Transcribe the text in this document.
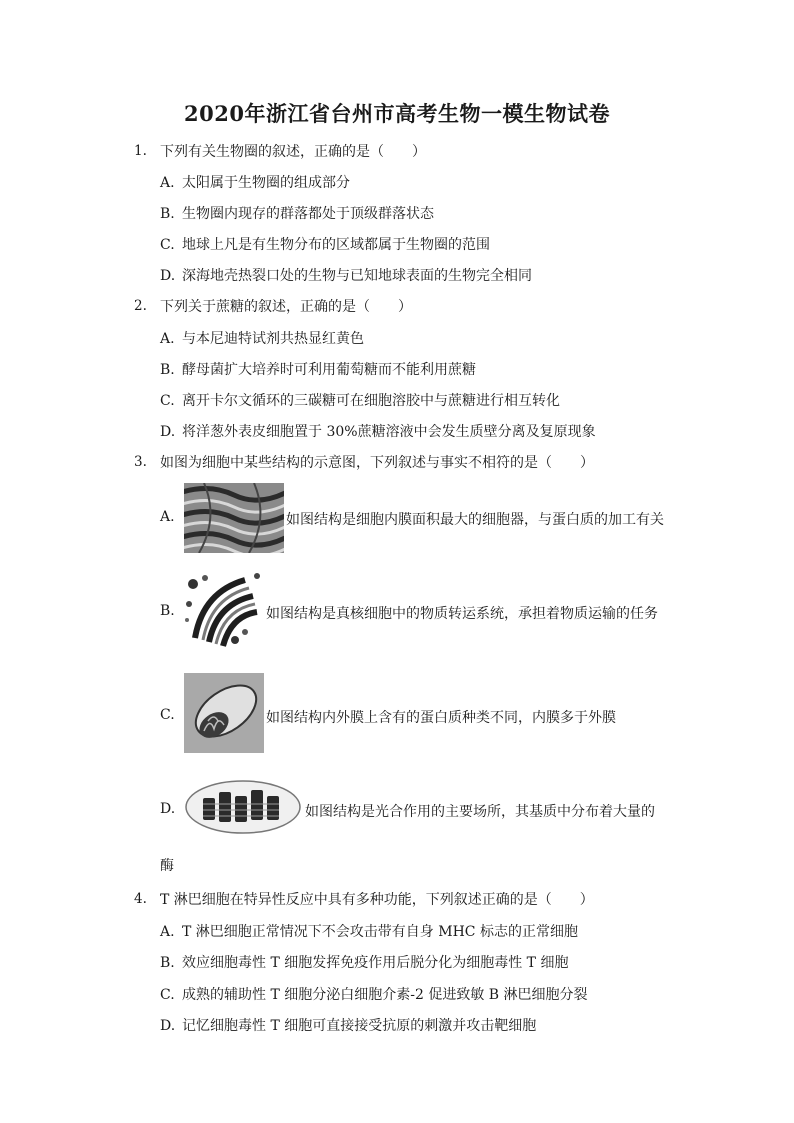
2020年浙江省台州市高考生物一模生物试卷
1. 下列有关生物圈的叙述，正确的是（　　）
A. 太阳属于生物圈的组成部分
B. 生物圈内现存的群落都处于顶级群落状态
C. 地球上凡是有生物分布的区域都属于生物圈的范围
D. 深海地壳热裂口处的生物与已知地球表面的生物完全相同
2. 下列关于蔗糖的叙述，正确的是（　　）
A. 与本尼迪特试剂共热显红黄色
B. 酵母菌扩大培养时可利用葡萄糖而不能利用蔗糖
C. 离开卡尔文循环的三碳糖可在细胞溶胶中与蔗糖进行相互转化
D. 将洋葱外表皮细胞置于 30%蔗糖溶液中会发生质壁分离及复原现象
3. 如图为细胞中某些结构的示意图，下列叙述与事实不相符的是（　　）
A.	如图结构是细胞内膜面积最大的细胞器，与蛋白质的加工有关
B.	如图结构是真核细胞中的物质转运系统，承担着物质运输的任务
C.	如图结构内外膜上含有的蛋白质种类不同，内膜多于外膜
D.	如图结构是光合作用的主要场所，其基质中分布着大量的
酶
4. T 淋巴细胞在特异性反应中具有多种功能，下列叙述正确的是（　　）
A. T 淋巴细胞正常情况下不会攻击带有自身 MHC 标志的正常细胞
B. 效应细胞毒性 T 细胞发挥免疫作用后脱分化为细胞毒性 T 细胞
C. 成熟的辅助性 T 细胞分泌白细胞介素-2 促进致敏 B 淋巴细胞分裂
D. 记忆细胞毒性 T 细胞可直接接受抗原的刺激并攻击靶细胞
